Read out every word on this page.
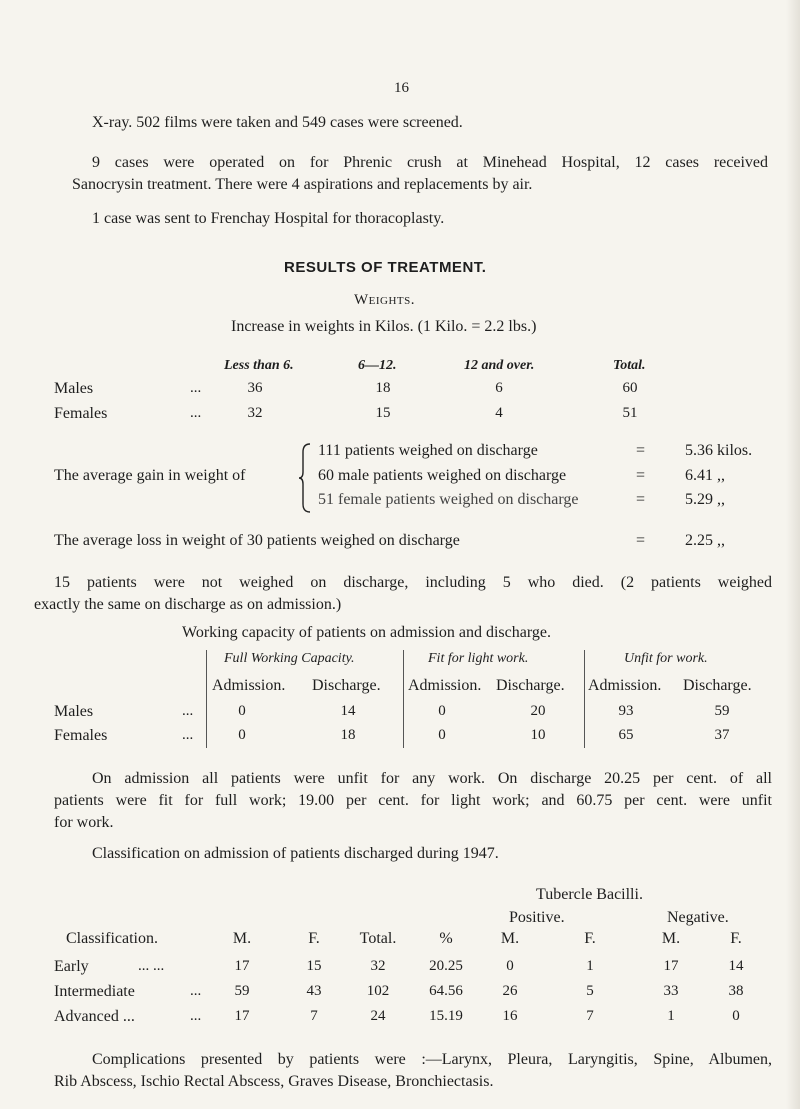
16
X-ray. 502 films were taken and 549 cases were screened.
9 cases were operated on for Phrenic crush at Minehead Hospital, 12 cases received
Sanocrysin treatment. There were 4 aspirations and replacements by air.
1 case was sent to Frenchay Hospital for thoracoplasty.
RESULTS OF TREATMENT.
Weights.
Increase in weights in Kilos. (1 Kilo. = 2.2 lbs.)
Less than 6.	6—12.	12 and over.	Total.
Males	...	36	18	6	60
Females	...	32	15	4	51
The average gain in weight of
111 patients weighed on discharge	= 5.36 kilos.
60 male patients weighed on discharge	= 6.41 ,,
51 female patients weighed on discharge	= 5.29 ,,
The average loss in weight of 30 patients weighed on discharge	= 2.25 ,,
15 patients were not weighed on discharge, including 5 who died. (2 patients weighed
exactly the same on discharge as on admission.)
Working capacity of patients on admission and discharge.
Full Working Capacity.	Fit for light work.	Unfit for work.
Admission. Discharge. Admission. Discharge. Admission. Discharge.
Males	...	0	14	0	20	93	59
Females	...	0	18	0	10	65	37
On admission all patients were unfit for any work. On discharge 20.25 per cent. of all
patients were fit for full work; 19.00 per cent. for light work; and 60.75 per cent. were unfit
for work.
Classification on admission of patients discharged during 1947.
Tubercle Bacilli.
Positive.	Negative.
Classification.	M.	F.	Total.	%	M.	F.	M.	F.
Early	... ...	17	15	32	20.25	0	1	17	14
Intermediate	...	59	43	102	64.56	26	5	33	38
Advanced ...	...	17	7	24	15.19	16	7	1	0
Complications presented by patients were :—Larynx, Pleura, Laryngitis, Spine, Albumen,
Rib Abscess, Ischio Rectal Abscess, Graves Disease, Bronchiectasis.
